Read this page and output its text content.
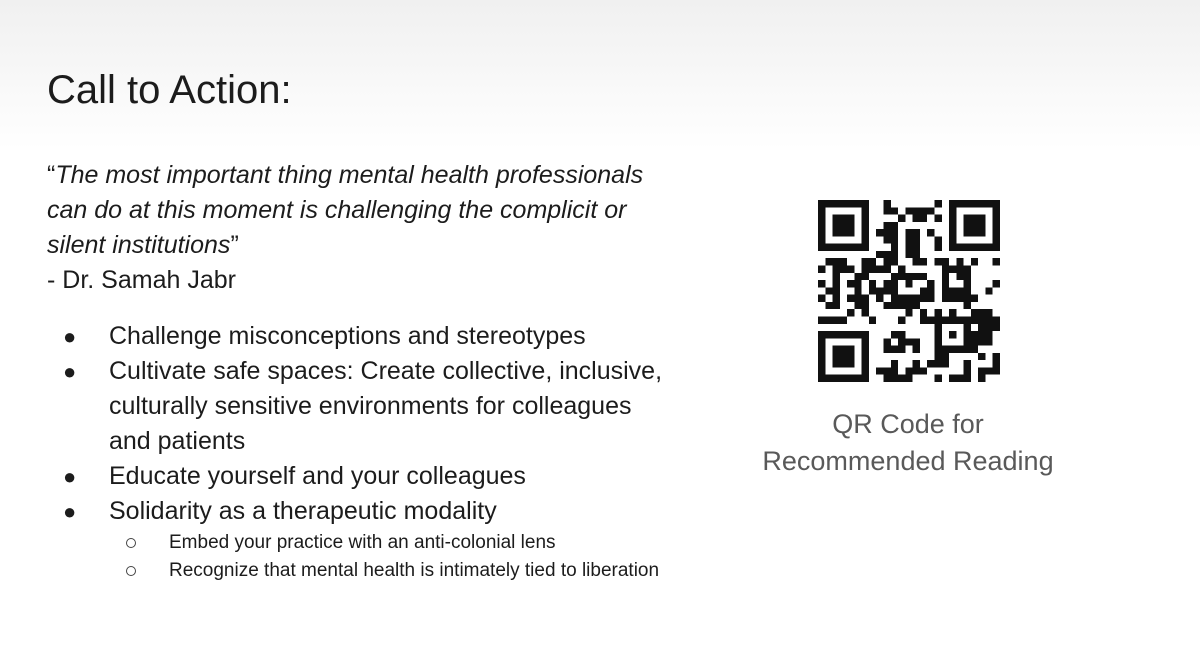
Call to Action:
“The most important thing mental health professionals can do at this moment is challenging the complicit or silent institutions”
- Dr. Samah Jabr
● Challenge misconceptions and stereotypes
● Cultivate safe spaces: Create collective, inclusive, culturally sensitive environments for colleagues and patients
● Educate yourself and your colleagues
● Solidarity as a therapeutic modality
Embed your practice with an anti-colonial lens
Recognize that mental health is intimately tied to liberation
QR Code for
Recommended Reading
